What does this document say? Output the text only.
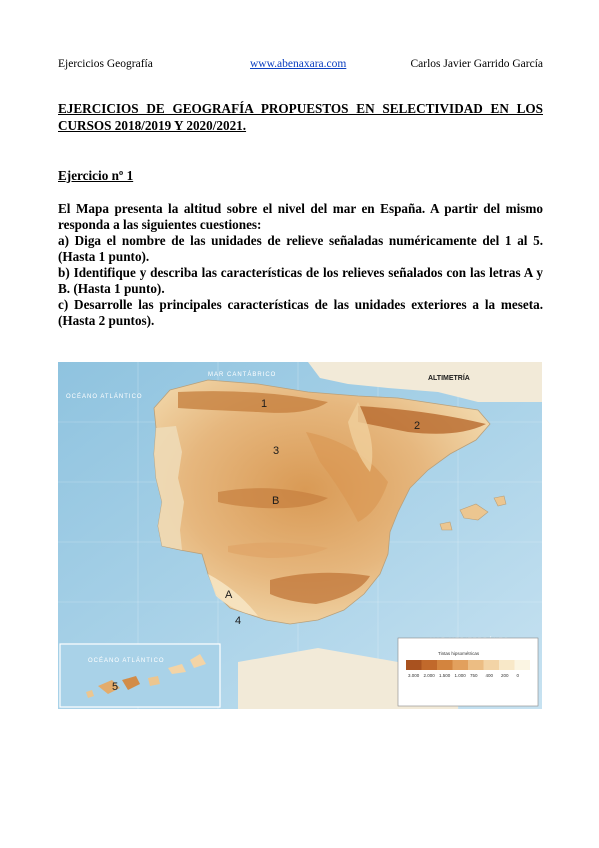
Ejercicios Geografía	www.abenaxara.com	Carlos Javier Garrido García
EJERCICIOS DE GEOGRAFÍA PROPUESTOS EN SELECTIVIDAD EN LOS CURSOS 2018/2019 Y 2020/2021.
Ejercicio nº 1

El Mapa presenta la altitud sobre el nivel del mar en España. A partir del mismo responda a las siguientes cuestiones:

a) Diga el nombre de las unidades de relieve señaladas numéricamente del 1 al 5. (Hasta 1 punto).

b) Identifique y describa las características de los relieves señalados con las letras A y B. (Hasta 1 punto).

c) Desarrolle las principales características de las unidades exteriores a la meseta. (Hasta 2 puntos).

OCÉANO ATLÁNTICO
MAR CANTÁBRICO
OCÉANO ATLÁNTICO
ALTIMETRÍA
1
2
3
B
A
4
5
Tintas hipsométricas
3.000 2.000 1.500 1.000 750 400 200 0
